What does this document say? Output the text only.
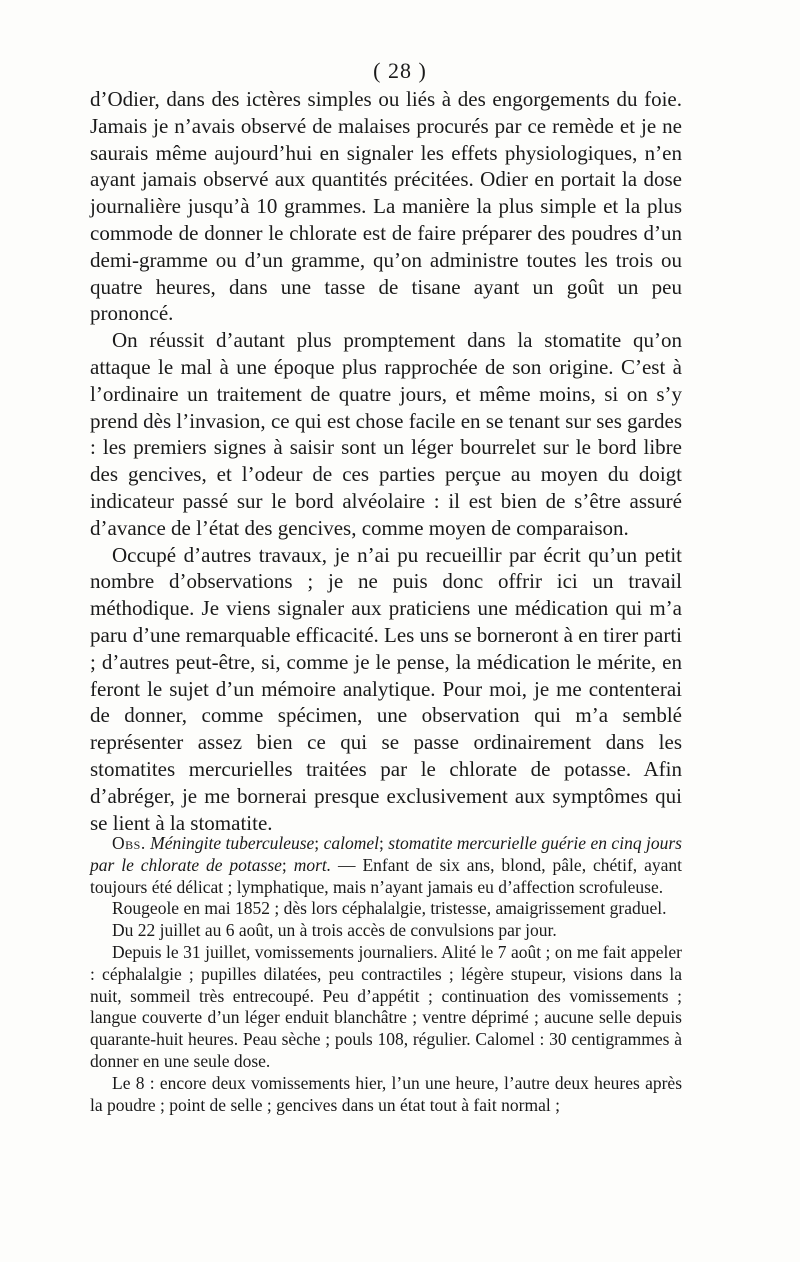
( 28 )

d’Odier, dans des ictères simples ou liés à des engorgements du foie. Jamais je n’avais observé de malaises procurés par ce remède et je ne saurais même aujourd’hui en signaler les effets physiologiques, n’en ayant jamais observé aux quantités précitées. Odier en portait la dose journalière jusqu’à 10 grammes. La manière la plus simple et la plus commode de donner le chlorate est de faire préparer des poudres d’un demi-gramme ou d’un gramme, qu’on administre toutes les trois ou quatre heures, dans une tasse de tisane ayant un goût un peu prononcé.

On réussit d’autant plus promptement dans la stomatite qu’on attaque le mal à une époque plus rapprochée de son origine. C’est à l’ordinaire un traitement de quatre jours, et même moins, si on s’y prend dès l’invasion, ce qui est chose facile en se tenant sur ses gardes : les premiers signes à saisir sont un léger bourrelet sur le bord libre des gencives, et l’odeur de ces parties perçue au moyen du doigt indicateur passé sur le bord alvéolaire : il est bien de s’être assuré d’avance de l’état des gencives, comme moyen de comparaison.

Occupé d’autres travaux, je n’ai pu recueillir par écrit qu’un petit nombre d’observations ; je ne puis donc offrir ici un travail méthodique. Je viens signaler aux praticiens une médication qui m’a paru d’une remarquable efficacité. Les uns se borneront à en tirer parti ; d’autres peut-être, si, comme je le pense, la médication le mérite, en feront le sujet d’un mémoire analytique. Pour moi, je me contenterai de donner, comme spécimen, une observation qui m’a semblé représenter assez bien ce qui se passe ordinairement dans les stomatites mercurielles traitées par le chlorate de potasse. Afin d’abréger, je me bornerai presque exclusivement aux symptômes qui se lient à la stomatite.

Obs. Méningite tuberculeuse; calomel; stomatite mercurielle guérie en cinq jours par le chlorate de potasse; mort. — Enfant de six ans, blond, pâle, chétif, ayant toujours été délicat ; lymphatique, mais n’ayant jamais eu d’affection scrofuleuse.

Rougeole en mai 1852 ; dès lors céphalalgie, tristesse, amaigrissement graduel.

Du 22 juillet au 6 août, un à trois accès de convulsions par jour.

Depuis le 31 juillet, vomissements journaliers. Alité le 7 août ; on me fait appeler : céphalalgie ; pupilles dilatées, peu contractiles ; légère stupeur, visions dans la nuit, sommeil très entrecoupé. Peu d’appétit ; continuation des vomissements ; langue couverte d’un léger enduit blanchâtre ; ventre déprimé ; aucune selle depuis quarante-huit heures. Peau sèche ; pouls 108, régulier. Calomel : 30 centigrammes à donner en une seule dose.

Le 8 : encore deux vomissements hier, l’un une heure, l’autre deux heures après la poudre ; point de selle ; gencives dans un état tout à fait normal ;
